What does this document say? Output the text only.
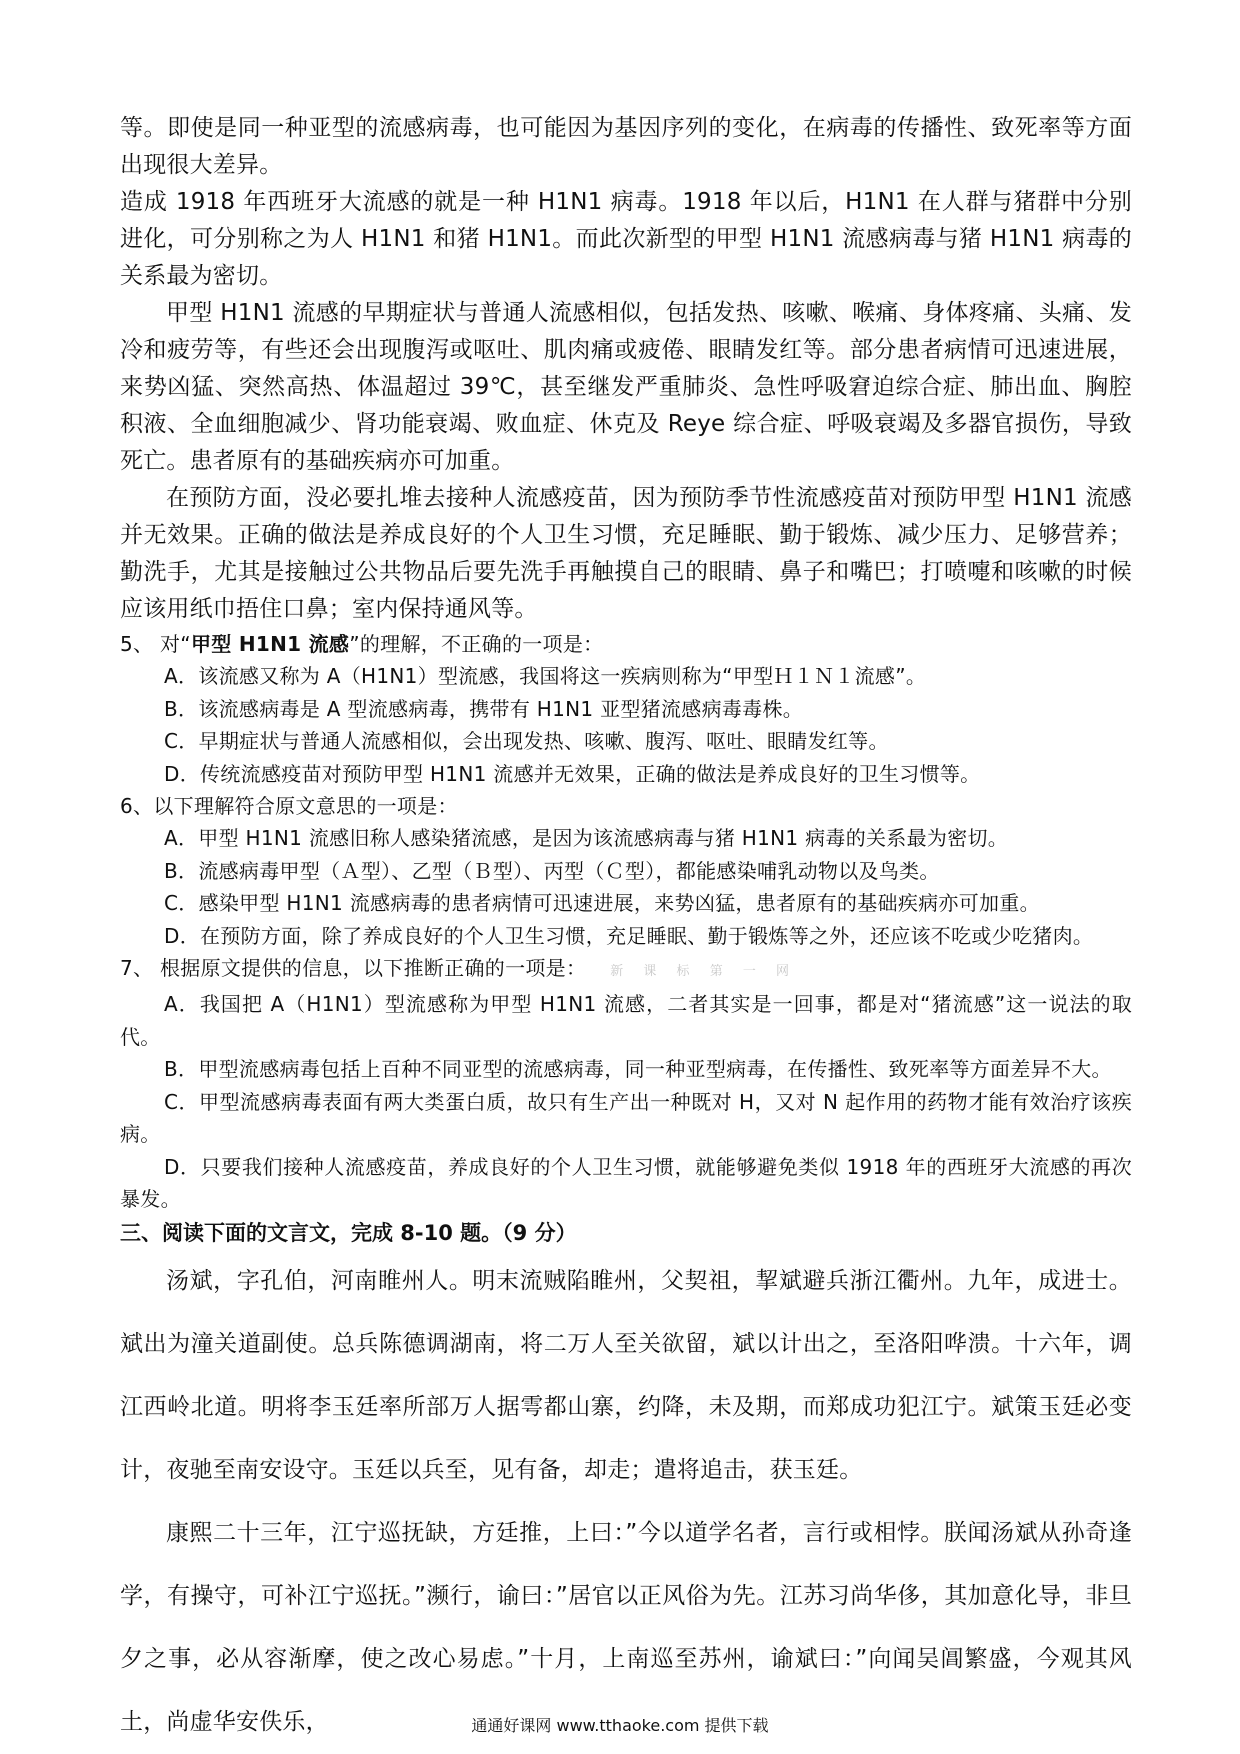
等。即使是同一种亚型的流感病毒，也可能因为基因序列的变化，在病毒的传播性、致死率等方面出现很大差异。

造成 1918 年西班牙大流感的就是一种 H1N1 病毒。1918 年以后，H1N1 在人群与猪群中分别进化，可分别称之为人 H1N1 和猪 H1N1。而此次新型的甲型 H1N1 流感病毒与猪 H1N1 病毒的关系最为密切。

甲型 H1N1 流感的早期症状与普通人流感相似，包括发热、咳嗽、喉痛、身体疼痛、头痛、发冷和疲劳等，有些还会出现腹泻或呕吐、肌肉痛或疲倦、眼睛发红等。部分患者病情可迅速进展，来势凶猛、突然高热、体温超过 39℃，甚至继发严重肺炎、急性呼吸窘迫综合症、肺出血、胸腔积液、全血细胞减少、肾功能衰竭、败血症、休克及 Reye 综合症、呼吸衰竭及多器官损伤，导致死亡。患者原有的基础疾病亦可加重。

在预防方面，没必要扎堆去接种人流感疫苗，因为预防季节性流感疫苗对预防甲型 H1N1 流感并无效果。正确的做法是养成良好的个人卫生习惯，充足睡眠、勤于锻炼、减少压力、足够营养；勤洗手，尤其是接触过公共物品后要先洗手再触摸自己的眼睛、鼻子和嘴巴；打喷嚏和咳嗽的时候应该用纸巾捂住口鼻；室内保持通风等。

5、 对“甲型 H1N1 流感”的理解，不正确的一项是：

A．该流感又称为 A（H1N1）型流感，我国将这一疾病则称为“甲型Ｈ１Ｎ１流感”。

B．该流感病毒是 A 型流感病毒，携带有 H1N1 亚型猪流感病毒毒株。

C．早期症状与普通人流感相似，会出现发热、咳嗽、腹泻、呕吐、眼睛发红等。

D．传统流感疫苗对预防甲型 H1N1 流感并无效果，正确的做法是养成良好的卫生习惯等。

6、以下理解符合原文意思的一项是：

A．甲型 H1N1 流感旧称人感染猪流感，是因为该流感病毒与猪 H1N1 病毒的关系最为密切。

B．流感病毒甲型（Ａ型）、乙型（Ｂ型）、丙型（Ｃ型），都能感染哺乳动物以及鸟类。

C．感染甲型 H1N1 流感病毒的患者病情可迅速进展，来势凶猛，患者原有的基础疾病亦可加重。

D．在预防方面，除了养成良好的个人卫生习惯，充足睡眠、勤于锻炼等之外，还应该不吃或少吃猪肉。

7、 根据原文提供的信息，以下推断正确的一项是： 新 课 标 第 一 网

A．我国把 A（H1N1）型流感称为甲型 H1N1 流感，二者其实是一回事，都是对“猪流感”这一说法的取代。

B．甲型流感病毒包括上百种不同亚型的流感病毒，同一种亚型病毒，在传播性、致死率等方面差异不大。

C．甲型流感病毒表面有两大类蛋白质，故只有生产出一种既对 H，又对 N 起作用的药物才能有效治疗该疾病。

D．只要我们接种人流感疫苗，养成良好的个人卫生习惯，就能够避免类似 1918 年的西班牙大流感的再次暴发。

三、阅读下面的文言文，完成 8-10 题。（9 分）

汤斌，字孔伯，河南睢州人。明末流贼陷睢州，父契祖，挈斌避兵浙江衢州。九年，成进士。斌出为潼关道副使。总兵陈德调湖南，将二万人至关欲留，斌以计出之，至洛阳哗溃。十六年，调江西岭北道。明将李玉廷率所部万人据雩都山寨，约降，未及期，而郑成功犯江宁。斌策玉廷必变计，夜驰至南安设守。玉廷以兵至，见有备，却走；遣将追击，获玉廷。

康熙二十三年，江宁巡抚缺，方廷推，上曰：”今以道学名者，言行或相悖。朕闻汤斌从孙奇逢学，有操守，可补江宁巡抚。”濒行，谕曰：”居官以正风俗为先。江苏习尚华侈，其加意化导，非旦夕之事，必从容渐摩，使之改心易虑。”十月，上南巡至苏州，谕斌曰：”向闻吴阊繁盛，今观其风土，尚虚华安佚乐，	通通好课网 www.tthaoke.com 提供下载
